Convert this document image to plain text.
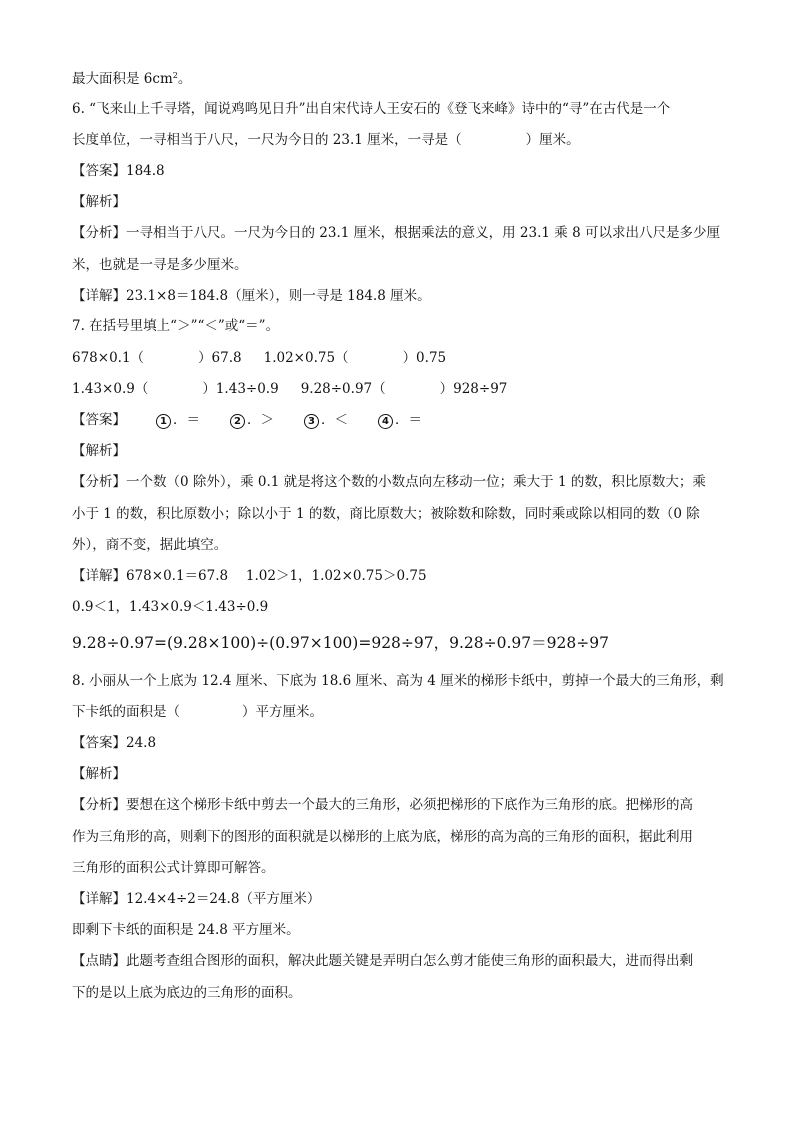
最大面积是 $6cm^2$。
6. “飞来山上千寻塔，闻说鸡鸣见日升”出自宋代诗人王安石的《登飞来峰》诗中的“寻”在古代是一个
长度单位，一寻相当于八尺，一尺为今日的 23.1 厘米，一寻是（	）厘米。
【答案】184.8
【解析】
【分析】一寻相当于八尺。一尺为今日的 23.1 厘米，根据乘法的意义，用 23.1 乘 8 可以求出八尺是多少厘
米，也就是一寻是多少厘米。
【详解】23.1×8＝184.8（厘米），则一寻是 184.8 厘米。
7. 在括号里填上“＞”“＜”或“＝”。
678×0.1（	）67.8 1.02×0.75（	）0.75
1.43×0.9（	）1.43÷0.9 9.28÷0.97（	）928÷97
【答案】	1 ．＝	2 ．＞	3 ．＜	4 ．＝
【解析】
【分析】一个数（0 除外），乘 0.1 就是将这个数的小数点向左移动一位；乘大于 1 的数，积比原数大；乘
小于 1 的数，积比原数小；除以小于 1 的数，商比原数大；被除数和除数，同时乘或除以相同的数（0 除
外），商不变，据此填空。
【详解】678×0.1＝67.8　 1.02＞1，1.02×0.75＞0.75
0.9＜1，1.43×0.9＜1.43÷0.9
9.28÷0.97=(9.28×100)÷(0.97×100)=928÷97，9.28÷0.97＝928÷97
8. 小丽从一个上底为 12.4 厘米、下底为 18.6 厘米、高为 4 厘米的梯形卡纸中，剪掉一个最大的三角形，剩
下卡纸的面积是（	）平方厘米。
【答案】24.8
【解析】
【分析】要想在这个梯形卡纸中剪去一个最大的三角形，必须把梯形的下底作为三角形的底。把梯形的高
作为三角形的高，则剩下的图形的面积就是以梯形的上底为底，梯形的高为高的三角形的面积，据此利用
三角形的面积公式计算即可解答。
【详解】12.4×4÷2＝24.8（平方厘米）
即剩下卡纸的面积是 24.8 平方厘米。
【点睛】此题考查组合图形的面积，解决此题关键是弄明白怎么剪才能使三角形的面积最大，进而得出剩
下的是以上底为底边的三角形的面积。
